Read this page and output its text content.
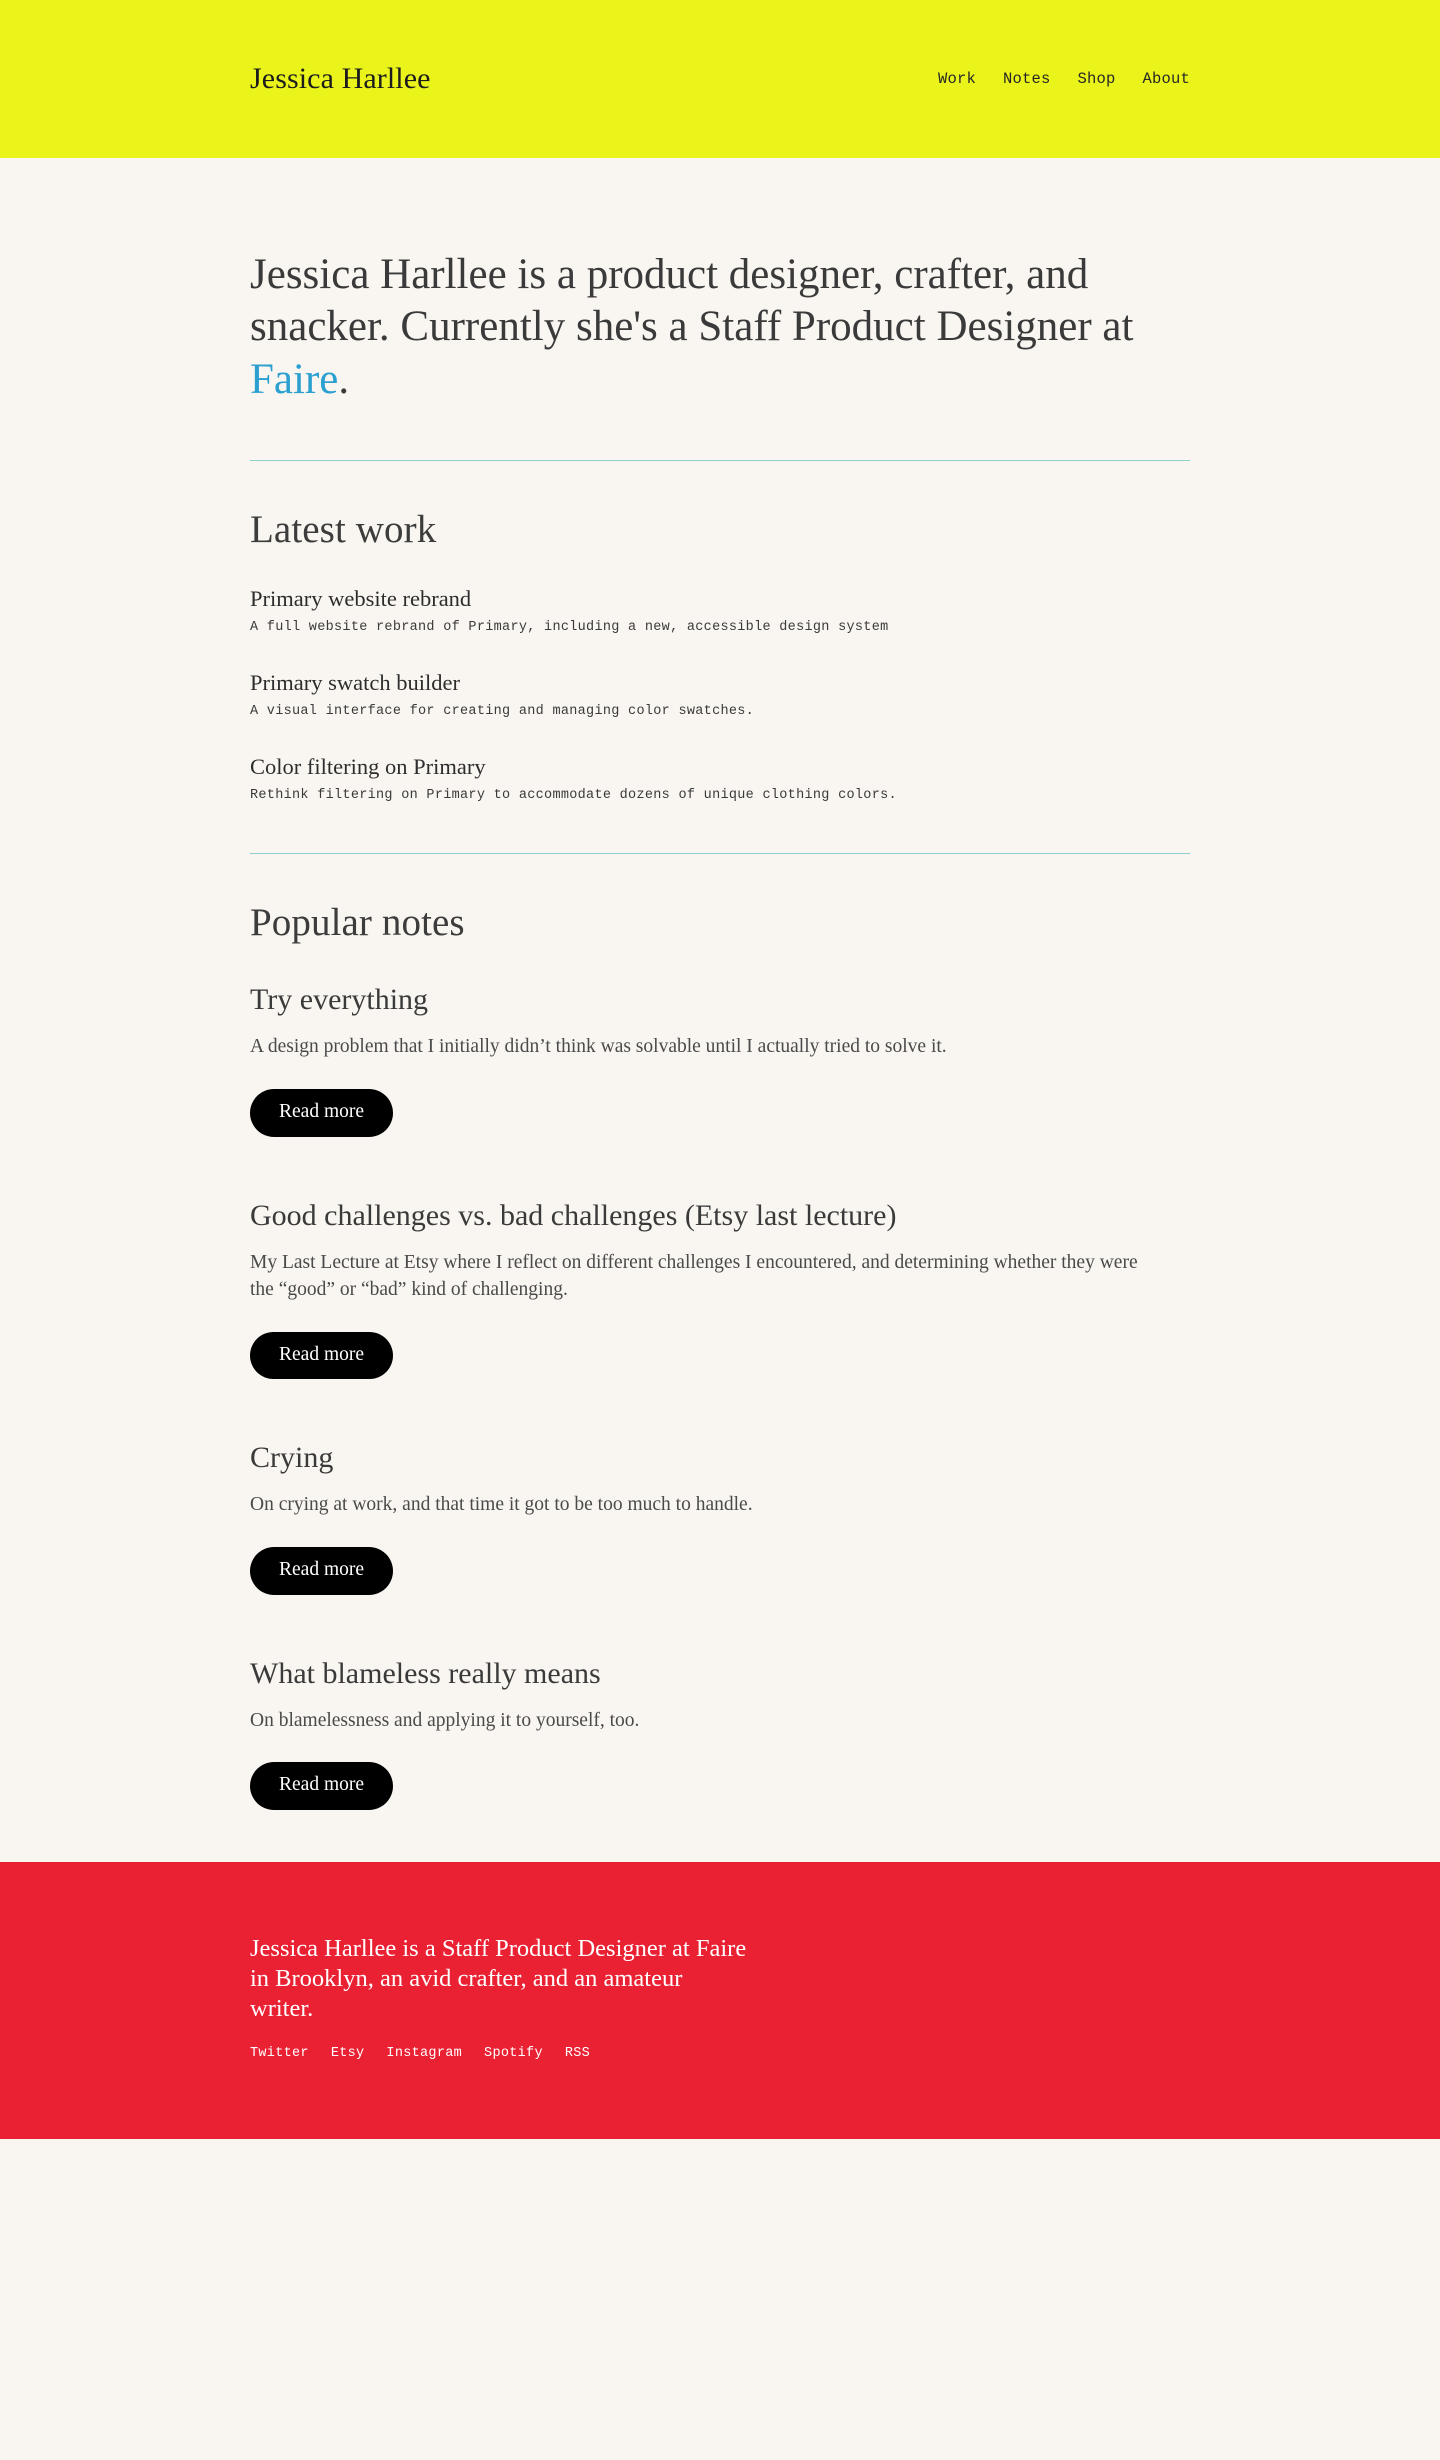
Jessica Harllee	Work Notes Shop About

Jessica Harllee is a product designer, crafter, and snacker. Currently she's a Staff Product Designer at Faire.

Latest work
Primary website rebrand

A full website rebrand of Primary, including a new, accessible design system

Primary swatch builder

A visual interface for creating and managing color swatches.

Color filtering on Primary

Rethink filtering on Primary to accommodate dozens of unique clothing colors.

Popular notes
Try everything

A design problem that I initially didn’t think was solvable until I actually tried to solve it.

Read more
Good challenges vs. bad challenges (Etsy last lecture)

My Last Lecture at Etsy where I reflect on different challenges I encountered, and determining whether they were the “good” or “bad” kind of challenging.

Read more
Crying

On crying at work, and that time it got to be too much to handle.

Read more
What blameless really means

On blamelessness and applying it to yourself, too.

Read more

Jessica Harllee is a Staff Product Designer at Faire in Brooklyn, an avid crafter, and an amateur writer.

Twitter Etsy Instagram Spotify RSS
